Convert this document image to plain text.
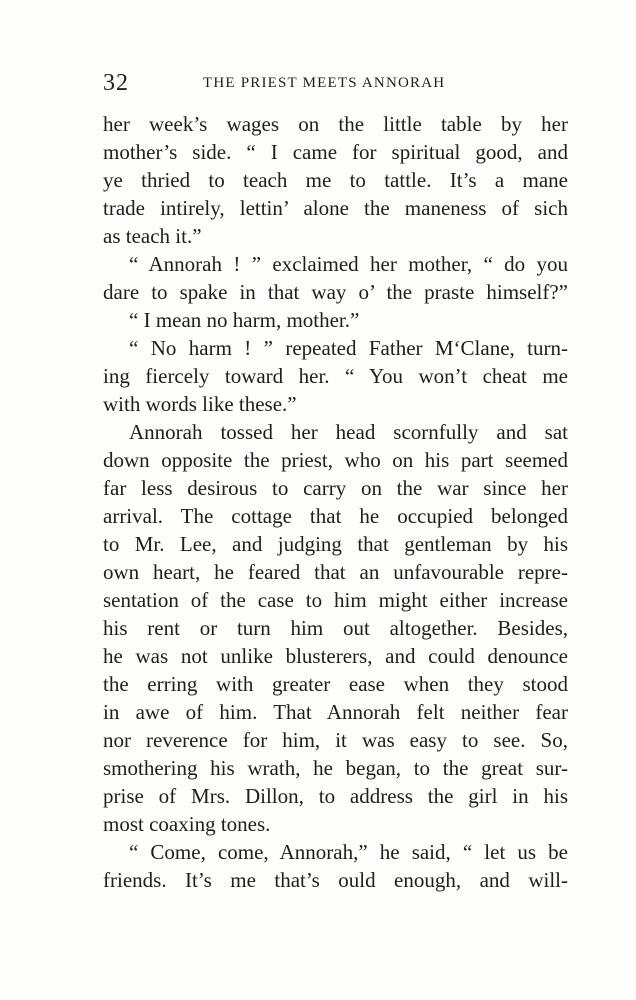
32	THE PRIEST MEETS ANNORAH
her week’s wages on the little table by her
mother’s side. “ I came for spiritual good, and
ye thried to teach me to tattle. It’s a mane
trade intirely, lettin’ alone the maneness of sich
as teach it.”
“ Annorah ! ” exclaimed her mother, “ do you
dare to spake in that way o’ the praste himself?”
“ I mean no harm, mother.”
“ No harm ! ” repeated Father M‘Clane, turn-
ing fiercely toward her. “ You won’t cheat me
with words like these.”
Annorah tossed her head scornfully and sat
down opposite the priest, who on his part seemed
far less desirous to carry on the war since her
arrival. The cottage that he occupied belonged
to Mr. Lee, and judging that gentleman by his
own heart, he feared that an unfavourable repre-
sentation of the case to him might either increase
his rent or turn him out altogether. Besides,
he was not unlike blusterers, and could denounce
the erring with greater ease when they stood
in awe of him. That Annorah felt neither fear
nor reverence for him, it was easy to see. So,
smothering his wrath, he began, to the great sur-
prise of Mrs. Dillon, to address the girl in his
most coaxing tones.
“ Come, come, Annorah,” he said, “ let us be
friends. It’s me that’s ould enough, and will-
